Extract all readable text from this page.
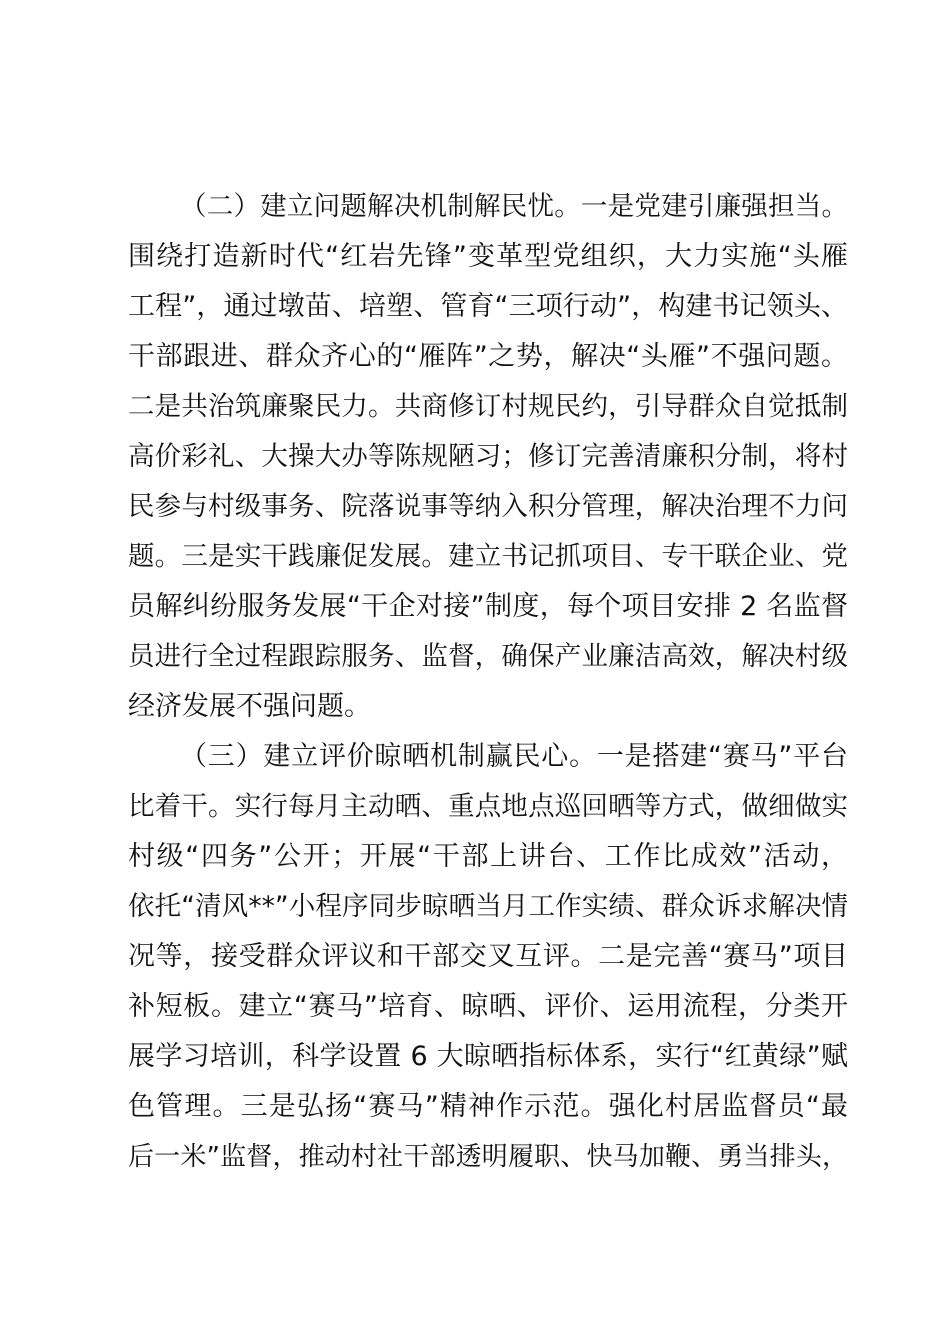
（二）建立问题解决机制解民忧。一是党建引廉强担当。
围绕打造新时代“红岩先锋”变革型党组织，大力实施“头雁
工程”，通过墩苗、培塑、管育“三项行动”，构建书记领头、
干部跟进、群众齐心的“雁阵”之势，解决“头雁”不强问题。
二是共治筑廉聚民力。共商修订村规民约，引导群众自觉抵制
高价彩礼、大操大办等陈规陋习；修订完善清廉积分制，将村
民参与村级事务、院落说事等纳入积分管理，解决治理不力问
题。三是实干践廉促发展。建立书记抓项目、专干联企业、党
员解纠纷服务发展“干企对接”制度，每个项目安排 2 名监督
员进行全过程跟踪服务、监督，确保产业廉洁高效，解决村级
经济发展不强问题。
（三）建立评价晾晒机制赢民心。一是搭建“赛马”平台
比着干。实行每月主动晒、重点地点巡回晒等方式，做细做实
村级“四务”公开；开展“干部上讲台、工作比成效”活动，
依托“清风**”小程序同步晾晒当月工作实绩、群众诉求解决情
况等，接受群众评议和干部交叉互评。二是完善“赛马”项目
补短板。建立“赛马”培育、晾晒、评价、运用流程，分类开
展学习培训，科学设置 6 大晾晒指标体系，实行“红黄绿”赋
色管理。三是弘扬“赛马”精神作示范。强化村居监督员“最
后一米”监督，推动村社干部透明履职、快马加鞭、勇当排头，
